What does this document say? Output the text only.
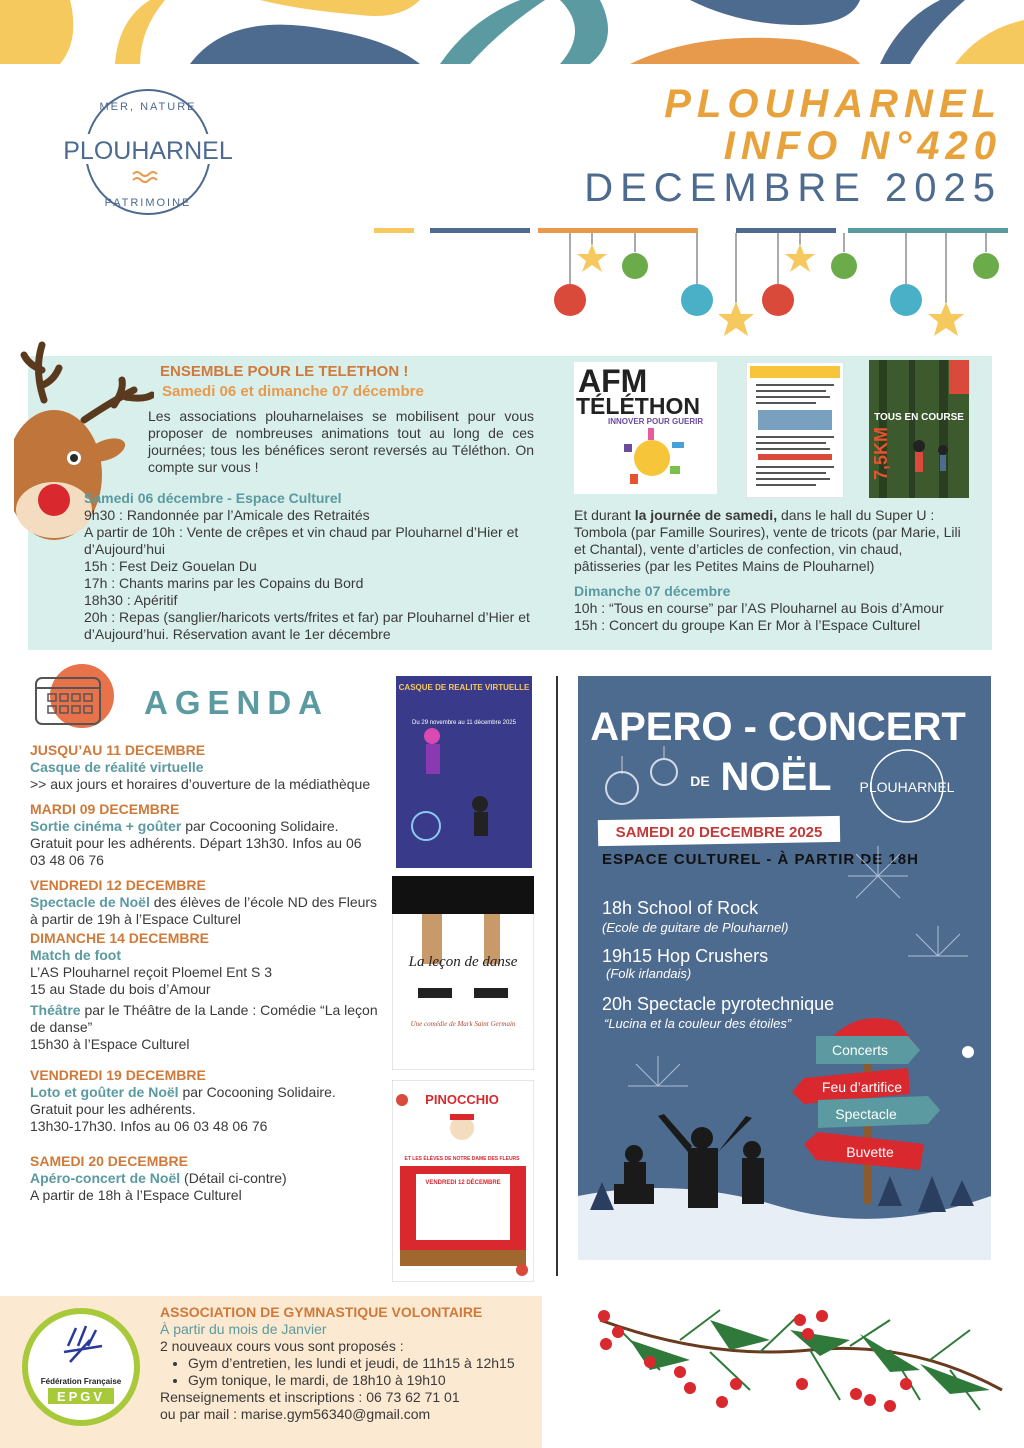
MER, NATURE
PLOUHARNEL
PATRIMOINE
PLOUHARNEL
INFO N°420
DECEMBRE 2025
ENSEMBLE POUR LE TELETHON !
Samedi 06 et dimanche 07 décembre
Les associations plouharnelaises se mobilisent pour vous proposer de nombreuses animations tout au long de ces journées; tous les bénéfices seront reversés au Téléthon. On compte sur vous !

Samedi 06 décembre - Espace Culturel

9h30 : Randonnée par l’Amicale des Retraités

A partir de 10h : Vente de crêpes et vin chaud par Plouharnel d’Hier et d’Aujourd’hui

15h : Fest Deiz Gouelan Du

17h : Chants marins par les Copains du Bord

18h30 : Apéritif

20h : Repas (sanglier/haricots verts/frites et far) par Plouharnel d’Hier et d’Aujourd’hui. Réservation avant le 1er décembre

AFM
TÉLÉTHON
INNOVER POUR GUERIR	TOUS EN COURSE
7,5KM

Et durant la journée de samedi, dans le hall du Super U : Tombola (par Famille Sourires), vente de tricots (par Marie, Lili et Chantal), vente d’articles de confection, vin chaud, pâtisseries (par les Petites Mains de Plouharnel)

Dimanche 07 décembre

10h : “Tous en course” par l’AS Plouharnel au Bois d’Amour

15h : Concert du groupe Kan Er Mor à l’Espace Culturel

AGENDA

JUSQU’AU 11 DECEMBRE

Casque de réalité virtuelle

>> aux jours et horaires d’ouverture de la médiathèque

MARDI 09 DECEMBRE

Sortie cinéma + goûter par Cocooning Solidaire.

Gratuit pour les adhérents. Départ 13h30. Infos au 06 03 48 06 76

VENDREDI 12 DECEMBRE

Spectacle de Noël des élèves de l’école ND des Fleurs

à partir de 19h à l’Espace Culturel

DIMANCHE 14 DECEMBRE

Match de foot

L’AS Plouharnel reçoit Ploemel Ent S 3

15 au Stade du bois d’Amour

Théâtre par le Théâtre de la Lande : Comédie “La leçon de danse”

15h30 à l’Espace Culturel

VENDREDI 19 DECEMBRE

Loto et goûter de Noël par Cocooning Solidaire.

Gratuit pour les adhérents.

13h30-17h30. Infos au 06 03 48 06 76

SAMEDI 20 DECEMBRE

Apéro-concert de Noël (Détail ci-contre)

A partir de 18h à l’Espace Culturel

CASQUE DE REALITE VIRTUELLE
Du 29 novembre au 11 décembre 2025
La leçon de danse
Une comédie de Mark Saint Germain
PINOCCHIO
ET LES ÉLÈVES DE NOTRE DAME DES FLEURS
VENDREDI 12 DÉCEMBRE
APERO - CONCERT
DE NOËL PLOUHARNEL
SAMEDI 20 DECEMBRE 2025
ESPACE CULTUREL - À PARTIR DE 18H
18h School of Rock
(Ecole de guitare de Plouharnel)
19h15 Hop Crushers
(Folk irlandais)
20h Spectacle pyrotechnique
“Lucina et la couleur des étoiles”
Concerts
Feu d’artifice
Spectacle
Buvette
Fédération Française
EPGV

ASSOCIATION DE GYMNASTIQUE VOLONTAIRE

À partir du mois de Janvier

2 nouveaux cours vous sont proposés :

• Gym d’entretien, les lundi et jeudi, de 11h15 à 12h15
• Gym tonique, le mardi, de 18h10 à 19h10

Renseignements et inscriptions : 06 73 62 71 01

ou par mail : marise.gym56340@gmail.com
